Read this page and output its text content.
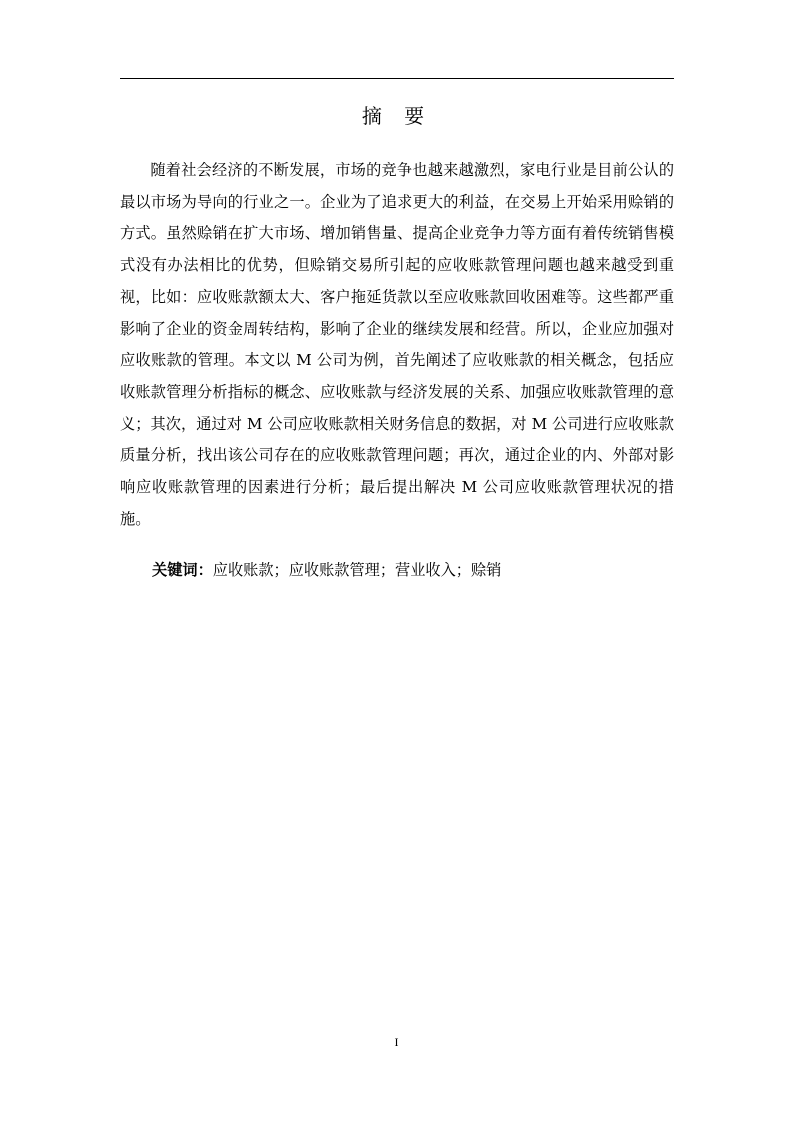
摘 要

随着社会经济的不断发展，市场的竞争也越来越激烈，家电行业是目前公认的最以市场为导向的行业之一。企业为了追求更大的利益，在交易上开始采用赊销的方式。虽然赊销在扩大市场、增加销售量、提高企业竞争力等方面有着传统销售模式没有办法相比的优势，但赊销交易所引起的应收账款管理问题也越来越受到重视，比如：应收账款额太大、客户拖延货款以至应收账款回收困难等。这些都严重影响了企业的资金周转结构，影响了企业的继续发展和经营。所以，企业应加强对应收账款的管理。本文以 M 公司为例，首先阐述了应收账款的相关概念，包括应收账款管理分析指标的概念、应收账款与经济发展的关系、加强应收账款管理的意义；其次，通过对 M 公司应收账款相关财务信息的数据，对 M 公司进行应收账款质量分析，找出该公司存在的应收账款管理问题；再次，通过企业的内、外部对影响应收账款管理的因素进行分析；最后提出解决 M 公司应收账款管理状况的措施。

关键词：应收账款；应收账款管理；营业收入；赊销

I
